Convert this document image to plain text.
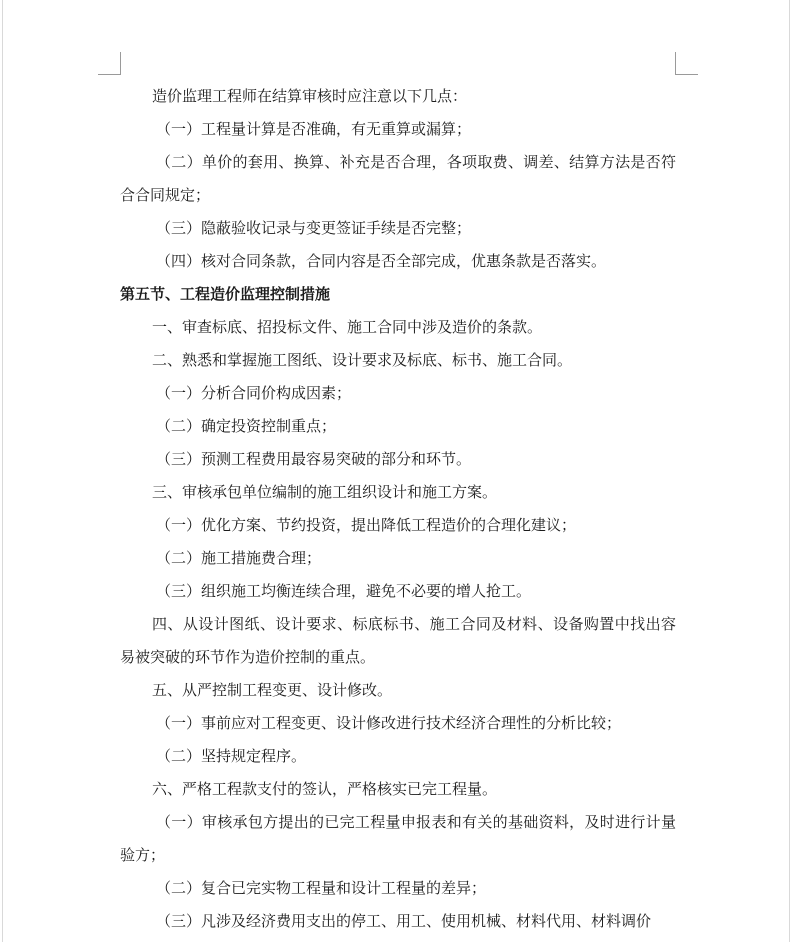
造价监理工程师在结算审核时应注意以下几点：

（一）工程量计算是否准确，有无重算或漏算；

（二）单价的套用、换算、补充是否合理，各项取费、调差、结算方法是否符合合同规定；

（三）隐蔽验收记录与变更签证手续是否完整；

（四）核对合同条款，合同内容是否全部完成，优惠条款是否落实。

第五节、工程造价监理控制措施

一、审查标底、招投标文件、施工合同中涉及造价的条款。

二、熟悉和掌握施工图纸、设计要求及标底、标书、施工合同。

（一）分析合同价构成因素；

（二）确定投资控制重点；

（三）预测工程费用最容易突破的部分和环节。

三、审核承包单位编制的施工组织设计和施工方案。

（一）优化方案、节约投资，提出降低工程造价的合理化建议；

（二）施工措施费合理；

（三）组织施工均衡连续合理，避免不必要的增人抢工。

四、从设计图纸、设计要求、标底标书、施工合同及材料、设备购置中找出容易被突破的环节作为造价控制的重点。

五、从严控制工程变更、设计修改。

（一）事前应对工程变更、设计修改进行技术经济合理性的分析比较；

（二）坚持规定程序。

六、严格工程款支付的签认，严格核实已完工程量。

（一）审核承包方提出的已完工程量申报表和有关的基础资料，及时进行计量验方；

（二）复合已完实物工程量和设计工程量的差异；

（三）凡涉及经济费用支出的停工、用工、使用机械、材料代用、材料调价
